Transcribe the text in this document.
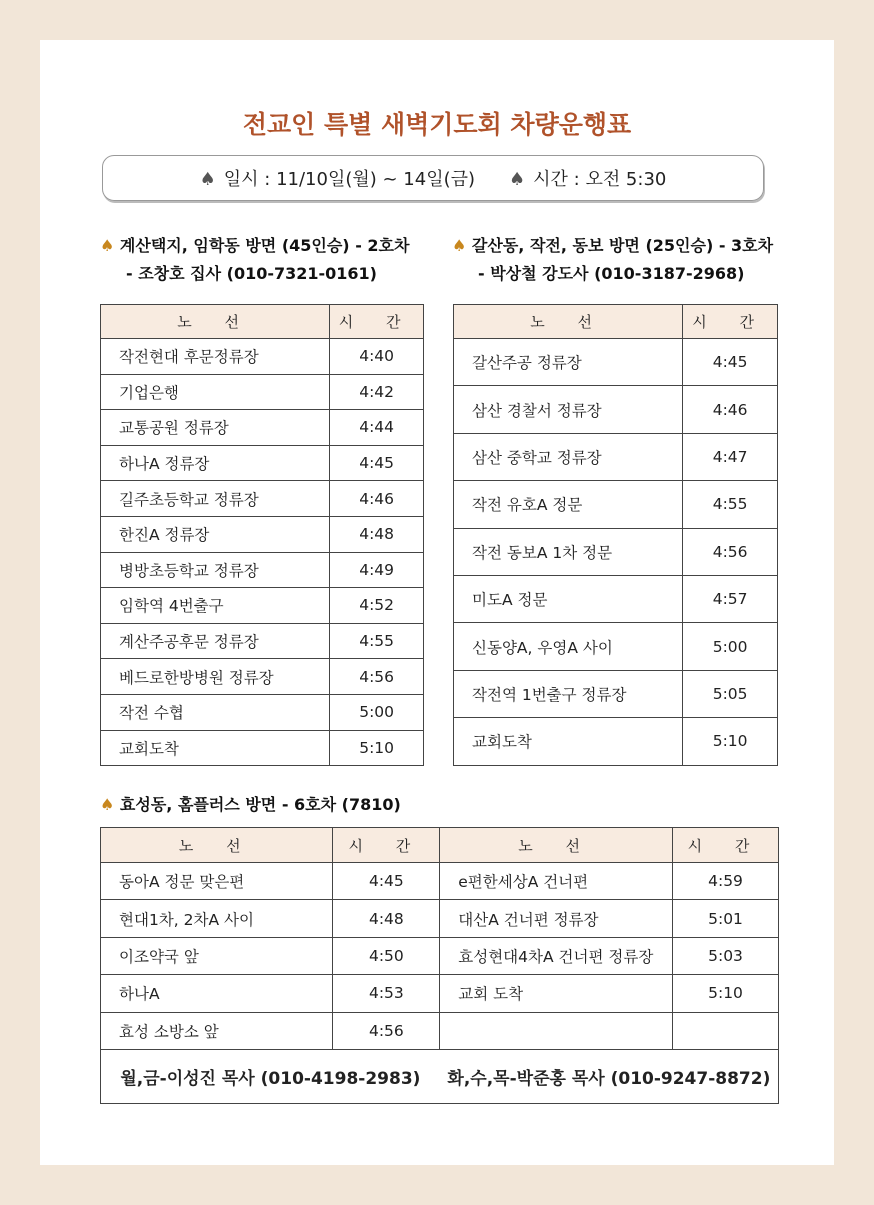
전교인 특별 새벽기도회 차량운행표
♠ 일시 : 11/10일(월) ~ 14일(금) ♠ 시간 : 오전 5:30
♠ 계산택지, 임학동 방면 (45인승) - 2호차
- 조창호 집사 (010-7321-0161)
♠ 갈산동, 작전, 동보 방면 (25인승) - 3호차
- 박상철 강도사 (010-3187-2968)
노 선	시 간
작전현대 후문정류장	4:40
기업은행	4:42
교통공원 정류장	4:44
하나A 정류장	4:45
길주초등학교 정류장	4:46
한진A 정류장	4:48
병방초등학교 정류장	4:49
임학역 4번출구	4:52
계산주공후문 정류장	4:55
베드로한방병원 정류장	4:56
작전 수협	5:00
교회도착	5:10
노 선	시 간
갈산주공 정류장	4:45
삼산 경찰서 정류장	4:46
삼산 중학교 정류장	4:47
작전 유호A 정문	4:55
작전 동보A 1차 정문	4:56
미도A 정문	4:57
신동양A, 우영A 사이	5:00
작전역 1번출구 정류장	5:05
교회도착	5:10
♠ 효성동, 홈플러스 방면 - 6호차 (7810)
노 선	시 간	노 선	시 간
동아A 정문 맞은편	4:45	e편한세상A 건너편	4:59
현대1차, 2차A 사이	4:48	대산A 건너편 정류장	5:01
이조약국 앞	4:50	효성현대4차A 건너편 정류장	5:03
하나A	4:53	교회 도착	5:10
효성 소방소 앞	4:56		
월,금-이성진 목사 (010-4198-2983)		화,수,목-박준홍 목사 (010-9247-8872)	
